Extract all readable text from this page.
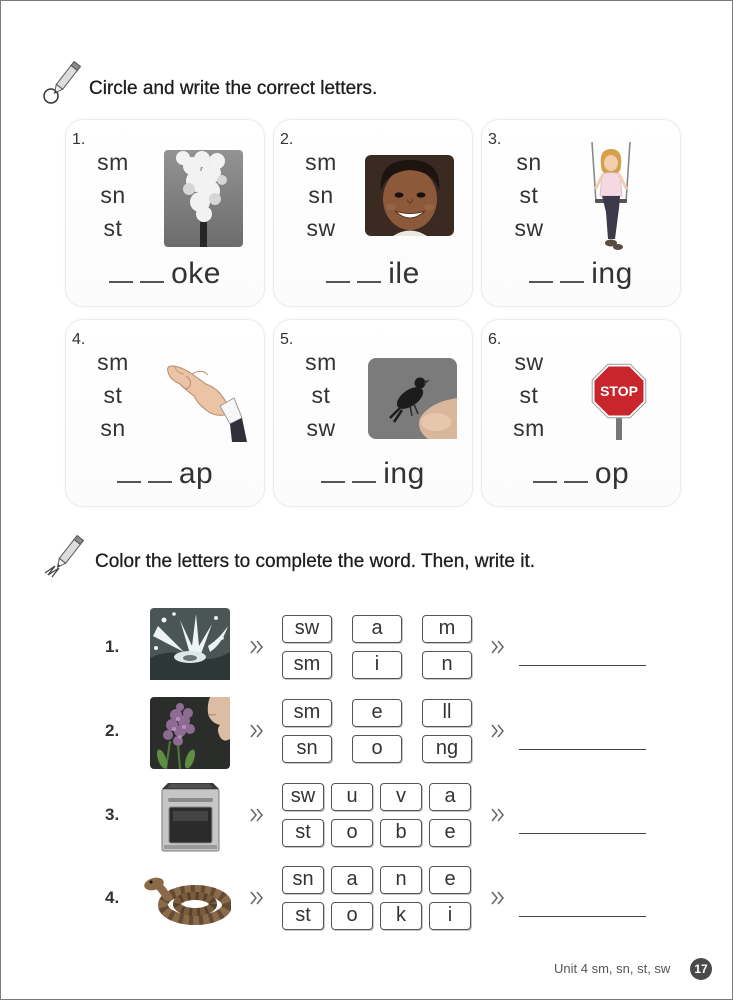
Circle and write the correct letters.
1.
sm
sn
st
oke
2.
sm
sn
sw
ile
3.
sn
st
sw
ing
4.
sm
st
sn
ap
5.
sm
st
sw
ing
6.
sw
st
sm
STOP
op
Color the letters to complete the word. Then, write it.
1.
sw	a	m
sm	i	n
2.
sm	e	ll
sn	o	ng
3.
sw	u	v	a
st	o	b	e
4.
sn	a	n	e
st	o	k	i
Unit 4 sm, sn, st, sw	17
